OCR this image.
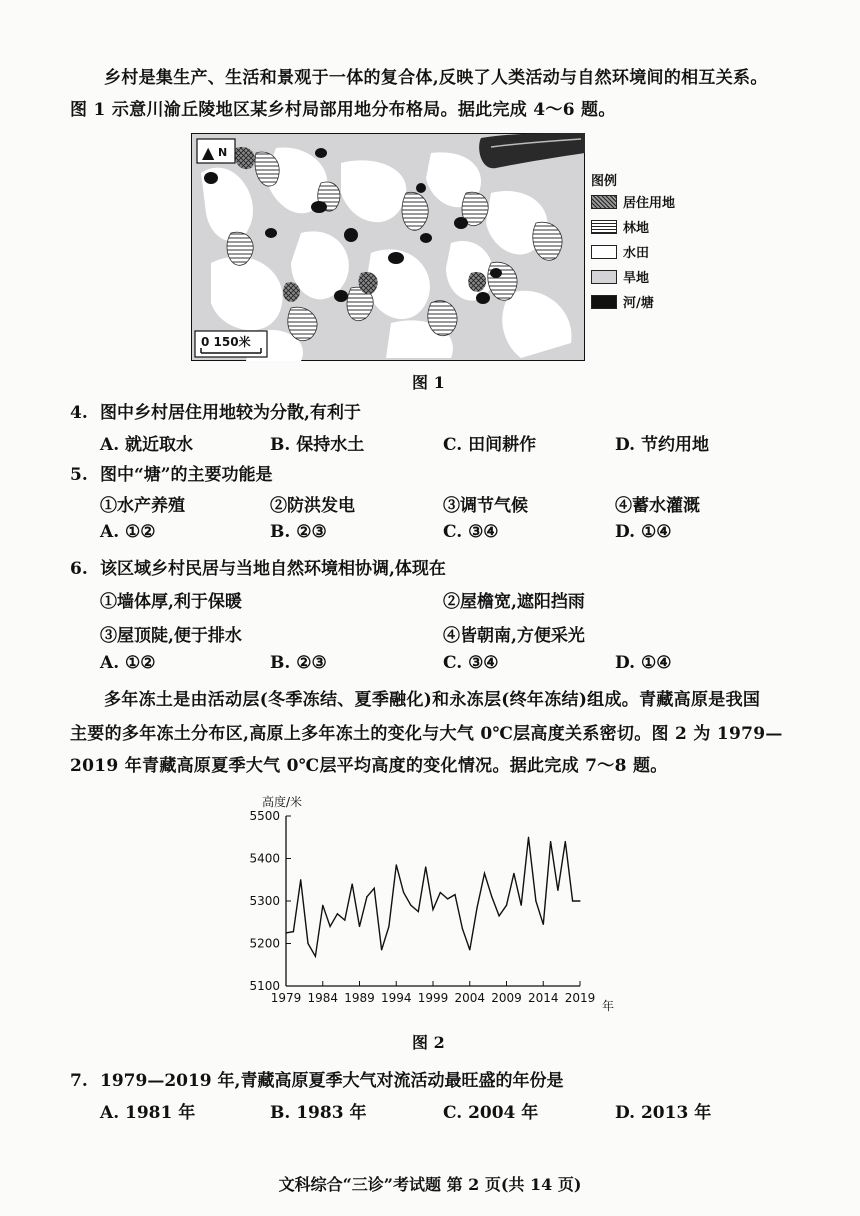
乡村是集生产、生活和景观于一体的复合体,反映了人类活动与自然环境间的相互关系。
图 1 示意川渝丘陵地区某乡村局部用地分布格局。据此完成 4～6 题。
▲ N
0 150米
图例
居住用地
林地
水田
旱地
河/塘
图 1
4. 图中乡村居住用地较为分散,有利于
A. 就近取水	B. 保持水土	C. 田间耕作	D. 节约用地
5. 图中“塘”的主要功能是
①水产养殖	②防洪发电	③调节气候	④蓄水灌溉
A. ①②	B. ②③	C. ③④	D. ①④
6. 该区域乡村民居与当地自然环境相协调,体现在
①墙体厚,利于保暖	②屋檐宽,遮阳挡雨
③屋顶陡,便于排水	④皆朝南,方便采光
A. ①②	B. ②③	C. ③④	D. ①④
多年冻土是由活动层(冬季冻结、夏季融化)和永冻层(终年冻结)组成。青藏高原是我国
主要的多年冻土分布区,高原上多年冻土的变化与大气 0℃层高度关系密切。图 2 为 1979—
2019 年青藏高原夏季大气 0℃层平均高度的变化情况。据此完成 7～8 题。
高度/米
年
5100
5200
5300
5400
5500
1979 1984 1989 1994 1999 2004 2009 2014 2019
图 2
7. 1979—2019 年,青藏高原夏季大气对流活动最旺盛的年份是
A. 1981 年	B. 1983 年	C. 2004 年	D. 2013 年
文科综合“三诊”考试题 第 2 页(共 14 页)
